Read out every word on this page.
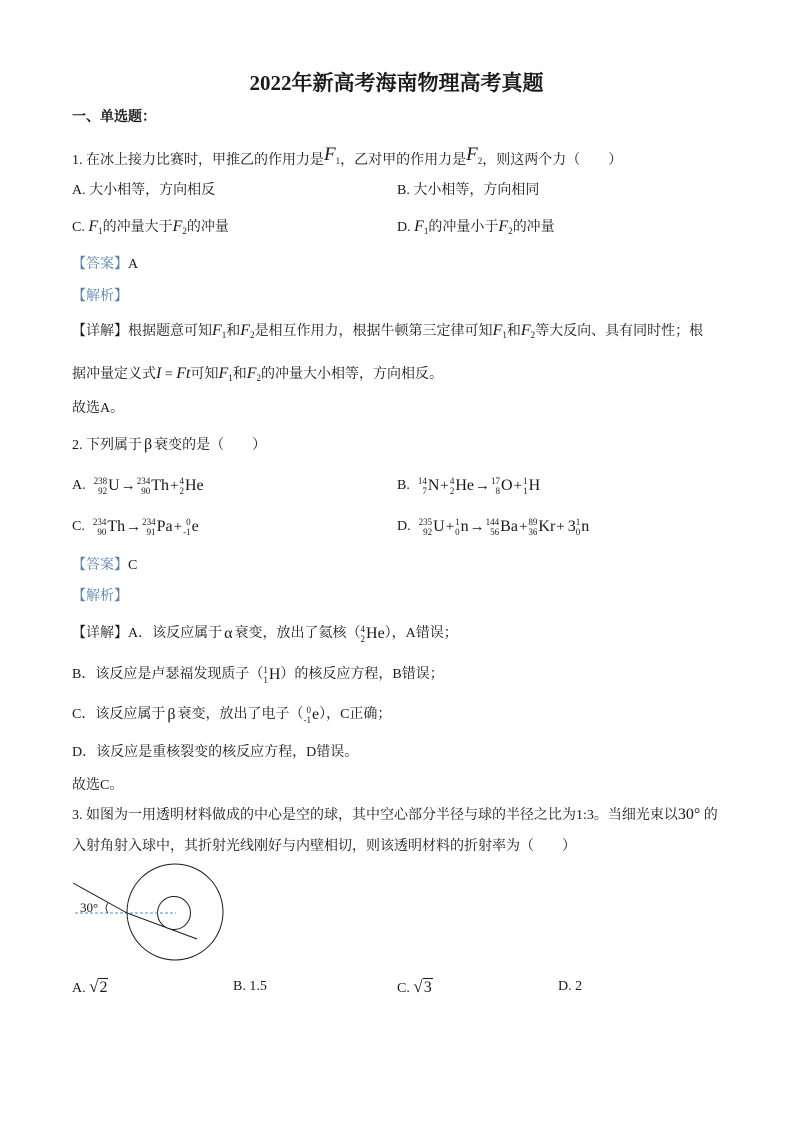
2022年新高考海南物理高考真题
一、单选题：
1. 在冰上接力比赛时，甲推乙的作用力是F1，乙对甲的作用力是F2，则这两个力（　　）
A. 大小相等，方向相反	B. 大小相等，方向相同
C. $F_1$的冲量大于$F_2$的冲量	D. $F_1$的冲量小于$F_2$的冲量
【答案】A
【解析】
【详解】根据题意可知$F_1$和$F_2$是相互作用力，根据牛顿第三定律可知$F_1$和$F_2$等大反向、具有同时性；根
据冲量定义式I = Ft可知$F_1$和$F_2$的冲量大小相等，方向相反。
故选A。
2. 下列属于 β 衰变的是（　　）
A. 238
92 U → 234
90 Th + 4
2 He	B. 14
7 N + 4
2 He → 17
8 O + 1
1 H
C. 234
90 Th → 234
91 Pa + 0
-1 e	D. 235
92 U + 1
0 n → 144
56 Ba + 89
36 Kr + 3 1
0 n
【答案】C
【解析】
【详解】 A．该反应属于 α 衰变，放出了氦核（ 4
2 He ），A错误；
B．该反应是卢瑟福发现质子（ 1
1 H ）的核反应方程，B错误；
C．该反应属于 β 衰变，放出了电子（ 0
-1 e ），C正确；
D．该反应是重核裂变的核反应方程，D错误。
故选C。
3. 如图为一用透明材料做成的中心是空的球，其中空心部分半径与球的半径之比为1:3。当细光束以30° 的
入射角射入球中，其折射光线刚好与内壁相切，则该透明材料的折射率为（　　）
30°
A. √2	B. 1.5	C. √3	D. 2
